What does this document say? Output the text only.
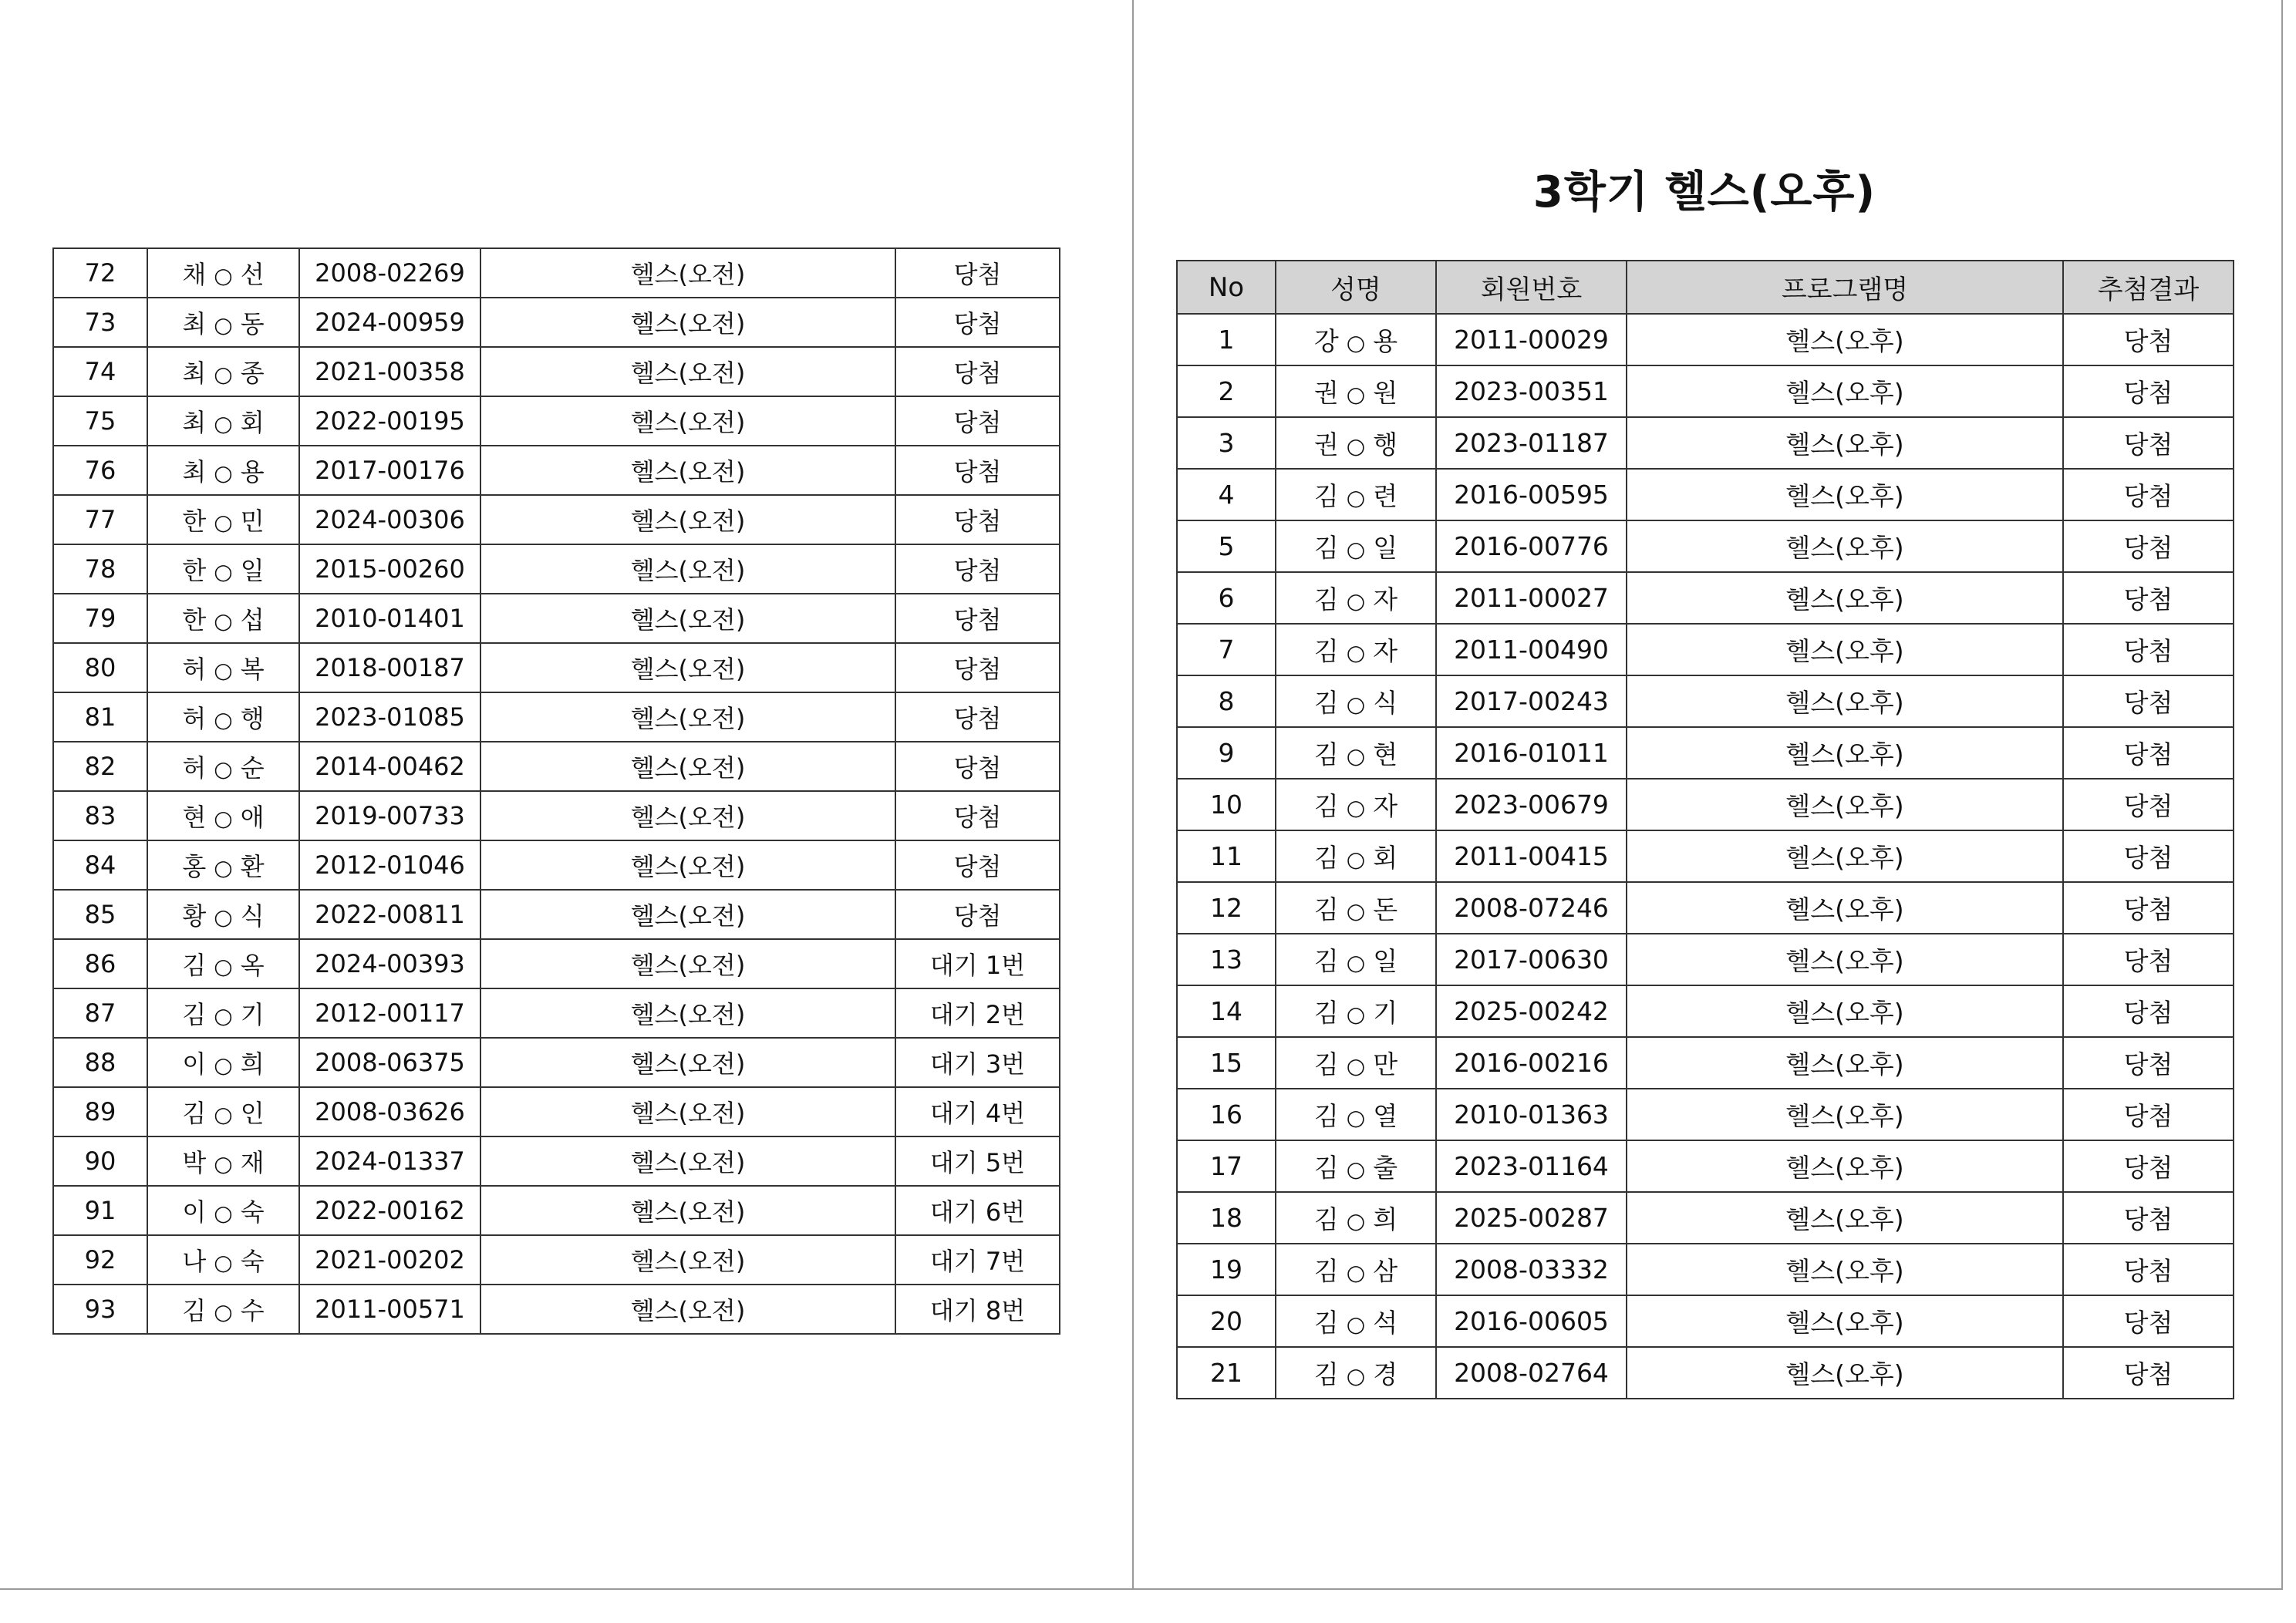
72	채 ○ 선	2008-02269	헬스(오전)	당첨
73	최 ○ 동	2024-00959	헬스(오전)	당첨
74	최 ○ 종	2021-00358	헬스(오전)	당첨
75	최 ○ 회	2022-00195	헬스(오전)	당첨
76	최 ○ 용	2017-00176	헬스(오전)	당첨
77	한 ○ 민	2024-00306	헬스(오전)	당첨
78	한 ○ 일	2015-00260	헬스(오전)	당첨
79	한 ○ 섭	2010-01401	헬스(오전)	당첨
80	허 ○ 복	2018-00187	헬스(오전)	당첨
81	허 ○ 행	2023-01085	헬스(오전)	당첨
82	허 ○ 순	2014-00462	헬스(오전)	당첨
83	현 ○ 애	2019-00733	헬스(오전)	당첨
84	홍 ○ 환	2012-01046	헬스(오전)	당첨
85	황 ○ 식	2022-00811	헬스(오전)	당첨
86	김 ○ 옥	2024-00393	헬스(오전)	대기 1번
87	김 ○ 기	2012-00117	헬스(오전)	대기 2번
88	이 ○ 희	2008-06375	헬스(오전)	대기 3번
89	김 ○ 인	2008-03626	헬스(오전)	대기 4번
90	박 ○ 재	2024-01337	헬스(오전)	대기 5번
91	이 ○ 숙	2022-00162	헬스(오전)	대기 6번
92	나 ○ 숙	2021-00202	헬스(오전)	대기 7번
93	김 ○ 수	2011-00571	헬스(오전)	대기 8번
3학기 헬스(오후)
No	성명	회원번호	프로그램명	추첨결과
1	강 ○ 용	2011-00029	헬스(오후)	당첨
2	권 ○ 원	2023-00351	헬스(오후)	당첨
3	권 ○ 행	2023-01187	헬스(오후)	당첨
4	김 ○ 련	2016-00595	헬스(오후)	당첨
5	김 ○ 일	2016-00776	헬스(오후)	당첨
6	김 ○ 자	2011-00027	헬스(오후)	당첨
7	김 ○ 자	2011-00490	헬스(오후)	당첨
8	김 ○ 식	2017-00243	헬스(오후)	당첨
9	김 ○ 현	2016-01011	헬스(오후)	당첨
10	김 ○ 자	2023-00679	헬스(오후)	당첨
11	김 ○ 회	2011-00415	헬스(오후)	당첨
12	김 ○ 돈	2008-07246	헬스(오후)	당첨
13	김 ○ 일	2017-00630	헬스(오후)	당첨
14	김 ○ 기	2025-00242	헬스(오후)	당첨
15	김 ○ 만	2016-00216	헬스(오후)	당첨
16	김 ○ 열	2010-01363	헬스(오후)	당첨
17	김 ○ 출	2023-01164	헬스(오후)	당첨
18	김 ○ 희	2025-00287	헬스(오후)	당첨
19	김 ○ 삼	2008-03332	헬스(오후)	당첨
20	김 ○ 석	2016-00605	헬스(오후)	당첨
21	김 ○ 경	2008-02764	헬스(오후)	당첨
